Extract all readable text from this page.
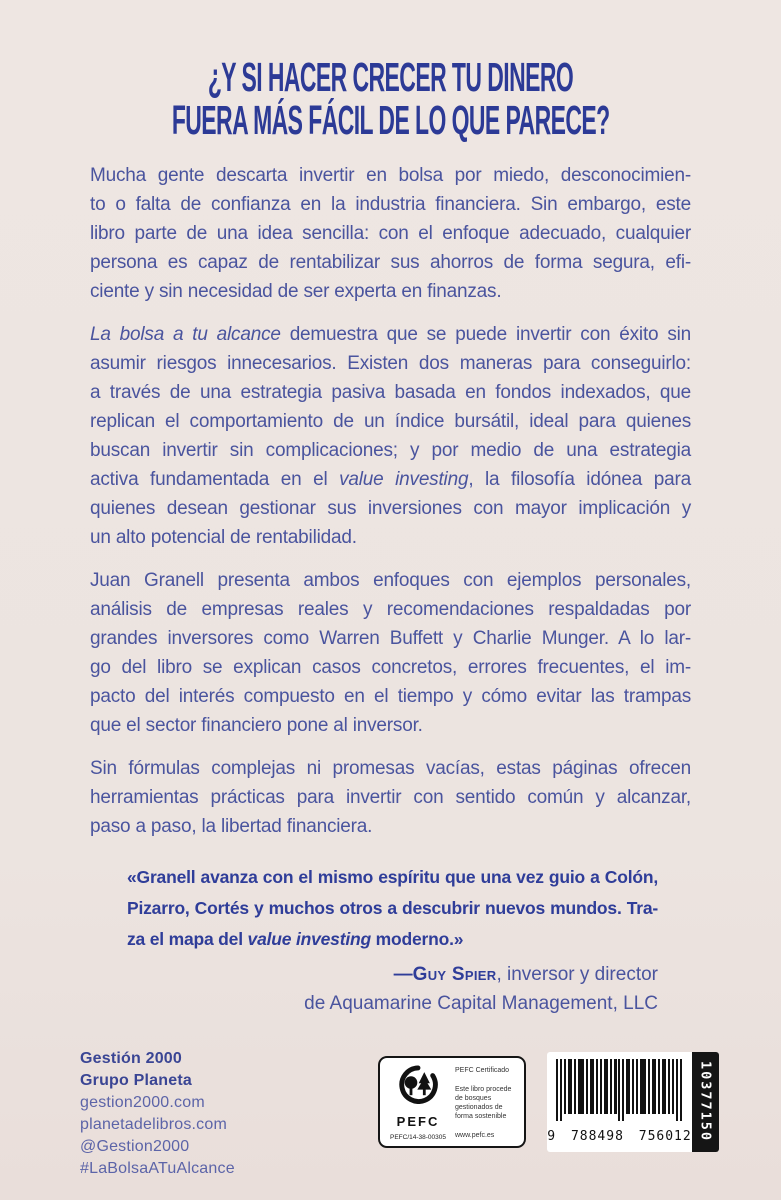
¿Y SI HACER CRECER TU DINERO
FUERA MÁS FÁCIL DE LO QUE PARECE?
Mucha gente descarta invertir en bolsa por miedo, desconocimien-
to o falta de confianza en la industria financiera. Sin embargo, este
libro parte de una idea sencilla: con el enfoque adecuado, cualquier
persona es capaz de rentabilizar sus ahorros de forma segura, efi-
ciente y sin necesidad de ser experta en finanzas.
La bolsa a tu alcance demuestra que se puede invertir con éxito sin
asumir riesgos innecesarios. Existen dos maneras para conseguirlo:
a través de una estrategia pasiva basada en fondos indexados, que
replican el comportamiento de un índice bursátil, ideal para quienes
buscan invertir sin complicaciones; y por medio de una estrategia
activa fundamentada en el value investing, la filosofía idónea para
quienes desean gestionar sus inversiones con mayor implicación y
un alto potencial de rentabilidad.
Juan Granell presenta ambos enfoques con ejemplos personales,
análisis de empresas reales y recomendaciones respaldadas por
grandes inversores como Warren Buffett y Charlie Munger. A lo lar-
go del libro se explican casos concretos, errores frecuentes, el im-
pacto del interés compuesto en el tiempo y cómo evitar las trampas
que el sector financiero pone al inversor.
Sin fórmulas complejas ni promesas vacías, estas páginas ofrecen
herramientas prácticas para invertir con sentido común y alcanzar,
paso a paso, la libertad financiera.
«Granell avanza con el mismo espíritu que una vez guio a Colón,
Pizarro, Cortés y muchos otros a descubrir nuevos mundos. Tra-
za el mapa del value investing moderno.»
—Guy Spier, inversor y director
de Aquamarine Capital Management, LLC
Gestión 2000
Grupo Planeta
gestion2000.com
planetadelibros.com
@Gestion2000
#LaBolsaATuAlcance
PEFC
PEFC/14-38-00305
PEFC Certificado
Este libro procede de bosques gestionados de forma sostenible
www.pefc.es	9 788498 756012 10377150
